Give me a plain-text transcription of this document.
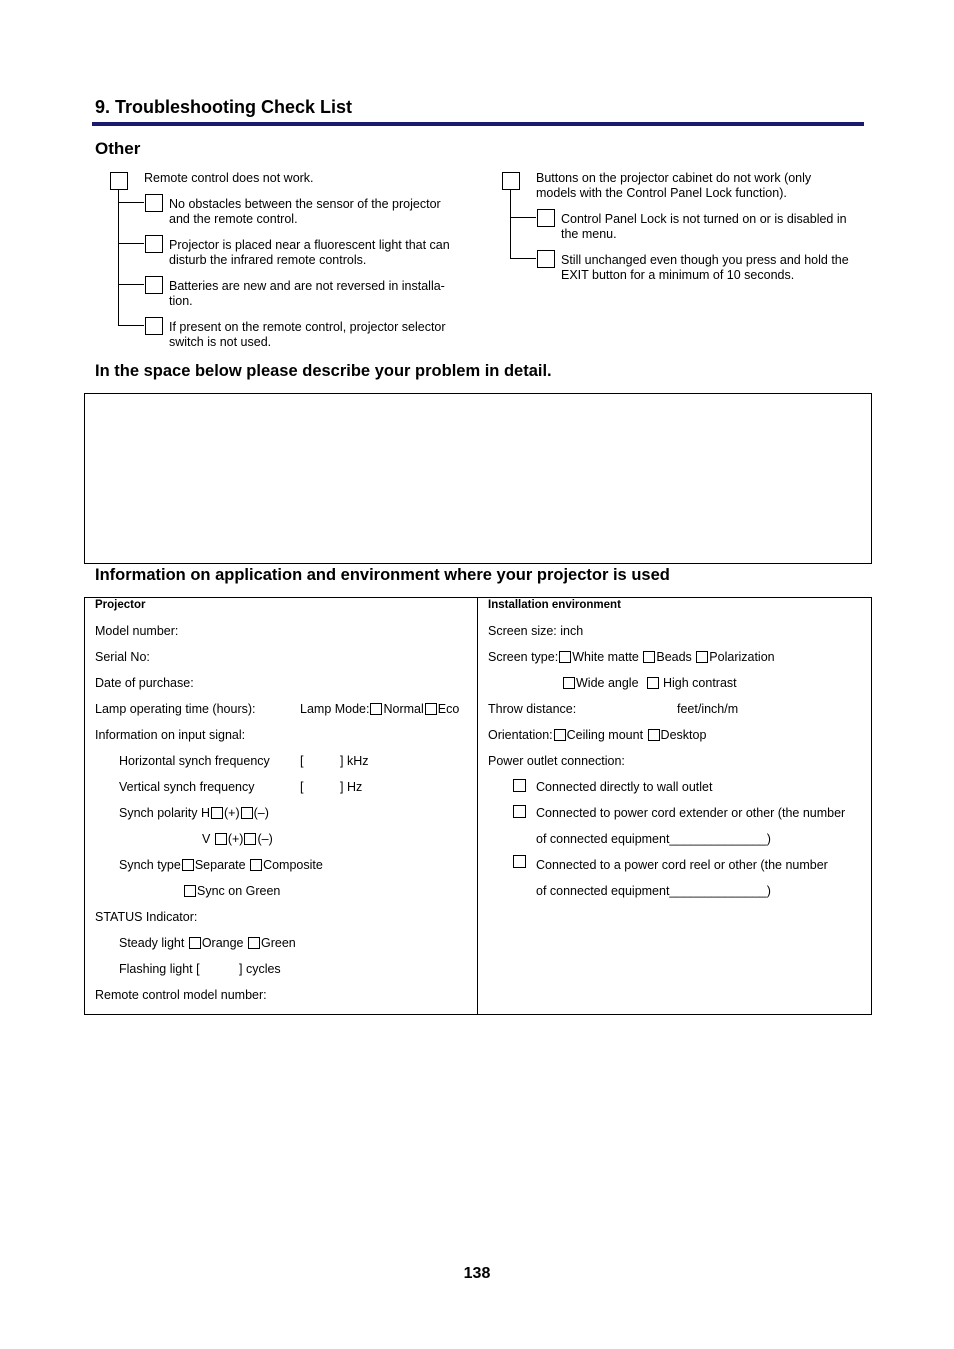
9. Troubleshooting Check List
Other
Remote control does not work.
No obstacles between the sensor of the projector
and the remote control.
Projector is placed near a fluorescent light that can
disturb the infrared remote controls.
Batteries are new and are not reversed in installa-
tion.
If present on the remote control, projector selector
switch is not used.
Buttons on the projector cabinet do not work (only
models with the Control Panel Lock function).
Control Panel Lock is not turned on or is disabled in
the menu.
Still unchanged even though you press and hold the
EXIT button for a minimum of 10 seconds.
In the space below please describe your problem in detail.
Information on application and environment where your projector is used
Projector
Model number:
Serial No:
Date of purchase:
Lamp operating time (hours):	Lamp Mode: Normal Eco
Information on input signal:
Horizontal synch frequency [	] kHz
Vertical synch frequency	[	] Hz
Synch polarity H (+) (–)
V (+) (–)
Synch type Separate Composite
Sync on Green
STATUS Indicator:
Steady light Orange Green
Flashing light [	] cycles
Remote control model number:
Installation environment
Screen size: inch
Screen type: White matte Beads Polarization
Wide angle High contrast
Throw distance:	feet/inch/m
Orientation: Ceiling mount Desktop
Power outlet connection:
Connected directly to wall outlet
Connected to power cord extender or other (the number
of connected equipment______________)
Connected to a power cord reel or other (the number
of connected equipment______________)
138
